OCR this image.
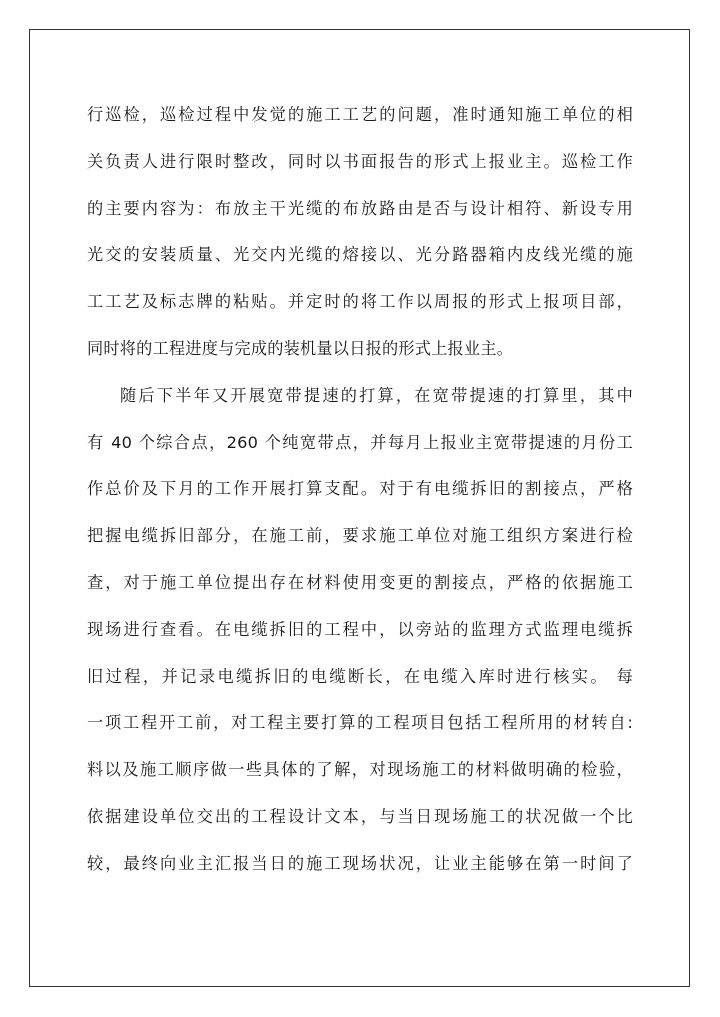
行巡检，巡检过程中发觉的施工工艺的问题，准时通知施工单位的相
关负责人进行限时整改，同时以书面报告的形式上报业主。巡检工作
的主要内容为：布放主干光缆的布放路由是否与设计相符、新设专用
光交的安装质量、光交内光缆的熔接以、光分路器箱内皮线光缆的施
工工艺及标志牌的粘贴。并定时的将工作以周报的形式上报项目部，
同时将的工程进度与完成的装机量以日报的形式上报业主。
随后下半年又开展宽带提速的打算，在宽带提速的打算里，其中
有 40 个综合点，260 个纯宽带点，并每月上报业主宽带提速的月份工
作总价及下月的工作开展打算支配。对于有电缆拆旧的割接点，严格
把握电缆拆旧部分，在施工前，要求施工单位对施工组织方案进行检
查，对于施工单位提出存在材料使用变更的割接点，严格的依据施工
现场进行查看。在电缆拆旧的工程中，以旁站的监理方式监理电缆拆
旧过程，并记录电缆拆旧的电缆断长，在电缆入库时进行核实。 每
一项工程开工前，对工程主要打算的工程项目包括工程所用的材转自:
料以及施工顺序做一些具体的了解，对现场施工的材料做明确的检验，
依据建设单位交出的工程设计文本，与当日现场施工的状况做一个比
较，最终向业主汇报当日的施工现场状况，让业主能够在第一时间了
